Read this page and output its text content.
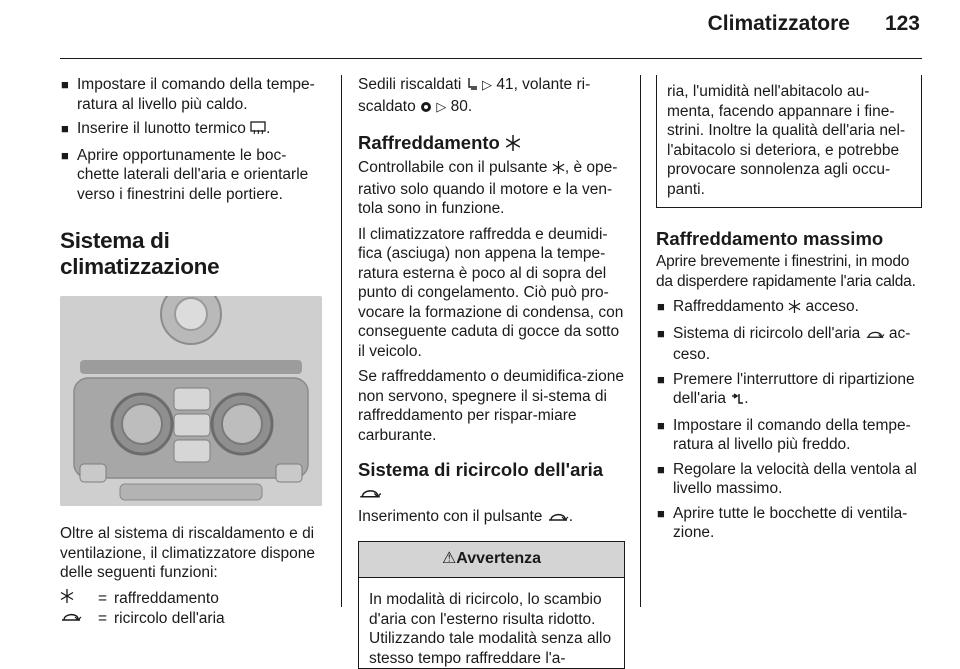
Climatizzatore 123
■ Impostare il comando della tempe-ratura al livello più caldo.
■ Inserire il lunotto termico .
■ Aprire opportunamente le boc-chette laterali dell'aria e orientarle verso i finestrini delle portiere.
Sistema di climatizzazione

Oltre al sistema di riscaldamento e di ventilazione, il climatizzatore dispone delle seguenti funzioni:

= raffreddamento
= ricircolo dell'aria

Sedili riscaldati  ▷ 41, volante ri-scaldato  ▷ 80.

Raffreddamento

Controllabile con il pulsante , è ope-rativo solo quando il motore e la ven-tola sono in funzione.

Il climatizzatore raffredda e deumidi-fica (asciuga) non appena la tempe-ratura esterna è poco al di sopra del punto di congelamento. Ciò può pro-vocare la formazione di condensa, con conseguente caduta di gocce da sotto il veicolo.

Se raffreddamento o deumidifica-zione non servono, spegnere il si-stema di raffreddamento per rispar-miare carburante.

Sistema di ricircolo dell'aria

Inserimento con il pulsante .

⚠Avvertenza
In modalità di ricircolo, lo scambio d'aria con l'esterno risulta ridotto. Utilizzando tale modalità senza allo stesso tempo raffreddare l'a-
ria, l'umidità nell'abitacolo au-menta, facendo appannare i fine-strini. Inoltre la qualità dell'aria nel-l'abitacolo si deteriora, e potrebbe provocare sonnolenza agli occu-panti.
Raffreddamento massimo

Aprire brevemente i finestrini, in modo da disperdere rapidamente l'aria calda.

■ Raffreddamento  acceso.
■ Sistema di ricircolo dell'aria  ac-ceso.
■ Premere l'interruttore di ripartizione dell'aria .
■ Impostare il comando della tempe-ratura al livello più freddo.
■ Regolare la velocità della ventola al livello massimo.
■ Aprire tutte le bocchette di ventila-zione.
